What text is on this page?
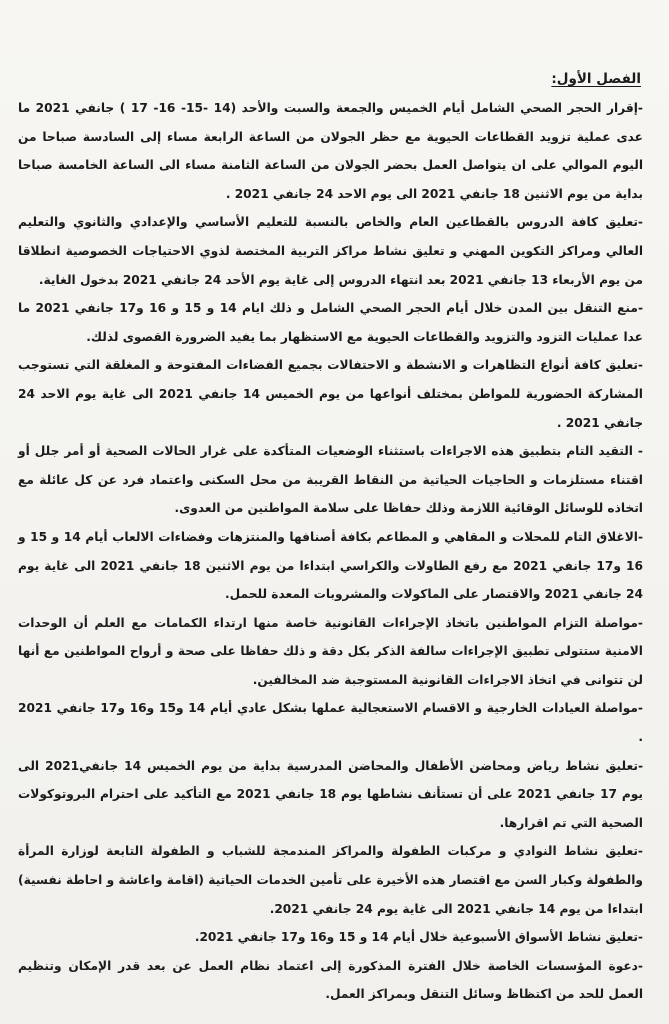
الفصل الأول:

-إقرار الحجر الصحي الشامل أيام الخميس والجمعة والسبت والأحد (14 -15- 16- 17 ) جانفي 2021 ما عدى عملية تزويد القطاعات الحيوية مع حظر الجولان من الساعة الرابعة مساء إلى السادسة صباحا من اليوم الموالي على ان يتواصل العمل بحضر الجولان من الساعة الثامنة مساء الى الساعة الخامسة صباحا بداية من يوم الاثنين 18 جانفي 2021 الى يوم الاحد 24 جانفي 2021 .

-تعليق كافة الدروس بالقطاعين العام والخاص بالنسبة للتعليم الأساسي والإعدادي والثانوي والتعليم العالي ومراكز التكوين المهني و تعليق نشاط مراكز التربية المختصة لذوي الاحتياجات الخصوصية انطلاقا من يوم الأربعاء 13 جانفي 2021 بعد انتهاء الدروس إلى غاية يوم الأحد 24 جانفي 2021 بدخول الغاية.

-منع التنقل بين المدن خلال أيام الحجر الصحي الشامل و ذلك ايام 14 و 15 و 16 و17 جانفي 2021 ما عدا عمليات التزود والتزويد والقطاعات الحيوية مع الاستظهار بما يفيد الضرورة القصوى لذلك.

-تعليق كافة أنواع التظاهرات و الانشطة و الاحتفالات بجميع الفضاءات المفتوحة و المغلقة التي تستوجب المشاركة الحضورية للمواطن بمختلف أنواعها من يوم الخميس 14 جانفي 2021 الى غاية يوم الاحد 24 جانفي 2021 .

- التقيد التام بتطبيق هذه الاجراءات باستثناء الوضعيات المتأكدة على غرار الحالات الصحية أو أمر جلل أو اقتناء مستلزمات و الحاجيات الحياتية من النقاط القريبة من محل السكنى واعتماد فرد عن كل عائلة مع اتخاذه للوسائل الوقائية اللازمة وذلك حفاظا على سلامة المواطنين من العدوى.

-الاغلاق التام للمحلات و المقاهي و المطاعم بكافة أصنافها والمنتزهات وفضاءات الالعاب أيام 14 و 15 و 16 و17 جانفي 2021 مع رفع الطاولات والكراسي ابتداءا من يوم الاثنين 18 جانفي 2021 الى غاية يوم 24 جانفي 2021 والاقتصار على الماكولات والمشروبات المعدة للحمل.

-مواصلة التزام المواطنين باتخاذ الإجراءات القانونية خاصة منها ارتداء الكمامات مع العلم أن الوحدات الامنية ستتولى تطبيق الإجراءات سالفة الذكر بكل دقة و ذلك حفاظا على صحة و أرواح المواطنين مع أنها لن تتوانى في اتخاذ الاجراءات القانونية المستوجبة ضد المخالفين.

-مواصلة العيادات الخارجية و الاقسام الاستعجالية عملها بشكل عادي أيام 14 و15 و16 و17 جانفي 2021 .

-تعليق نشاط رياض ومحاضن الأطفال والمحاضن المدرسية بداية من يوم الخميس 14 جانفي2021 الى يوم 17 جانفي 2021 على أن تستأنف نشاطها يوم 18 جانفي 2021 مع التأكيد على احترام البروتوكولات الصحية التي تم اقرارها.

-تعليق نشاط النوادي و مركبات الطفولة والمراكز المندمجة للشباب و الطفولة التابعة لوزارة المرأة والطفولة وكبار السن مع اقتصار هذه الأخيرة على تأمين الخدمات الحياتية (اقامة واعاشة و احاطة نفسية) ابتداءا من يوم 14 جانفي 2021 الى غاية يوم 24 جانفي 2021.

-تعليق نشاط الأسواق الأسبوعية خلال أيام 14 و 15 و16 و17 جانفي 2021.

-دعوة المؤسسات الخاصة خلال الفترة المذكورة إلى اعتماد نظام العمل عن بعد قدر الإمكان وتنظيم العمل للحد من اكتظاظ وسائل التنقل وبمراكز العمل.
